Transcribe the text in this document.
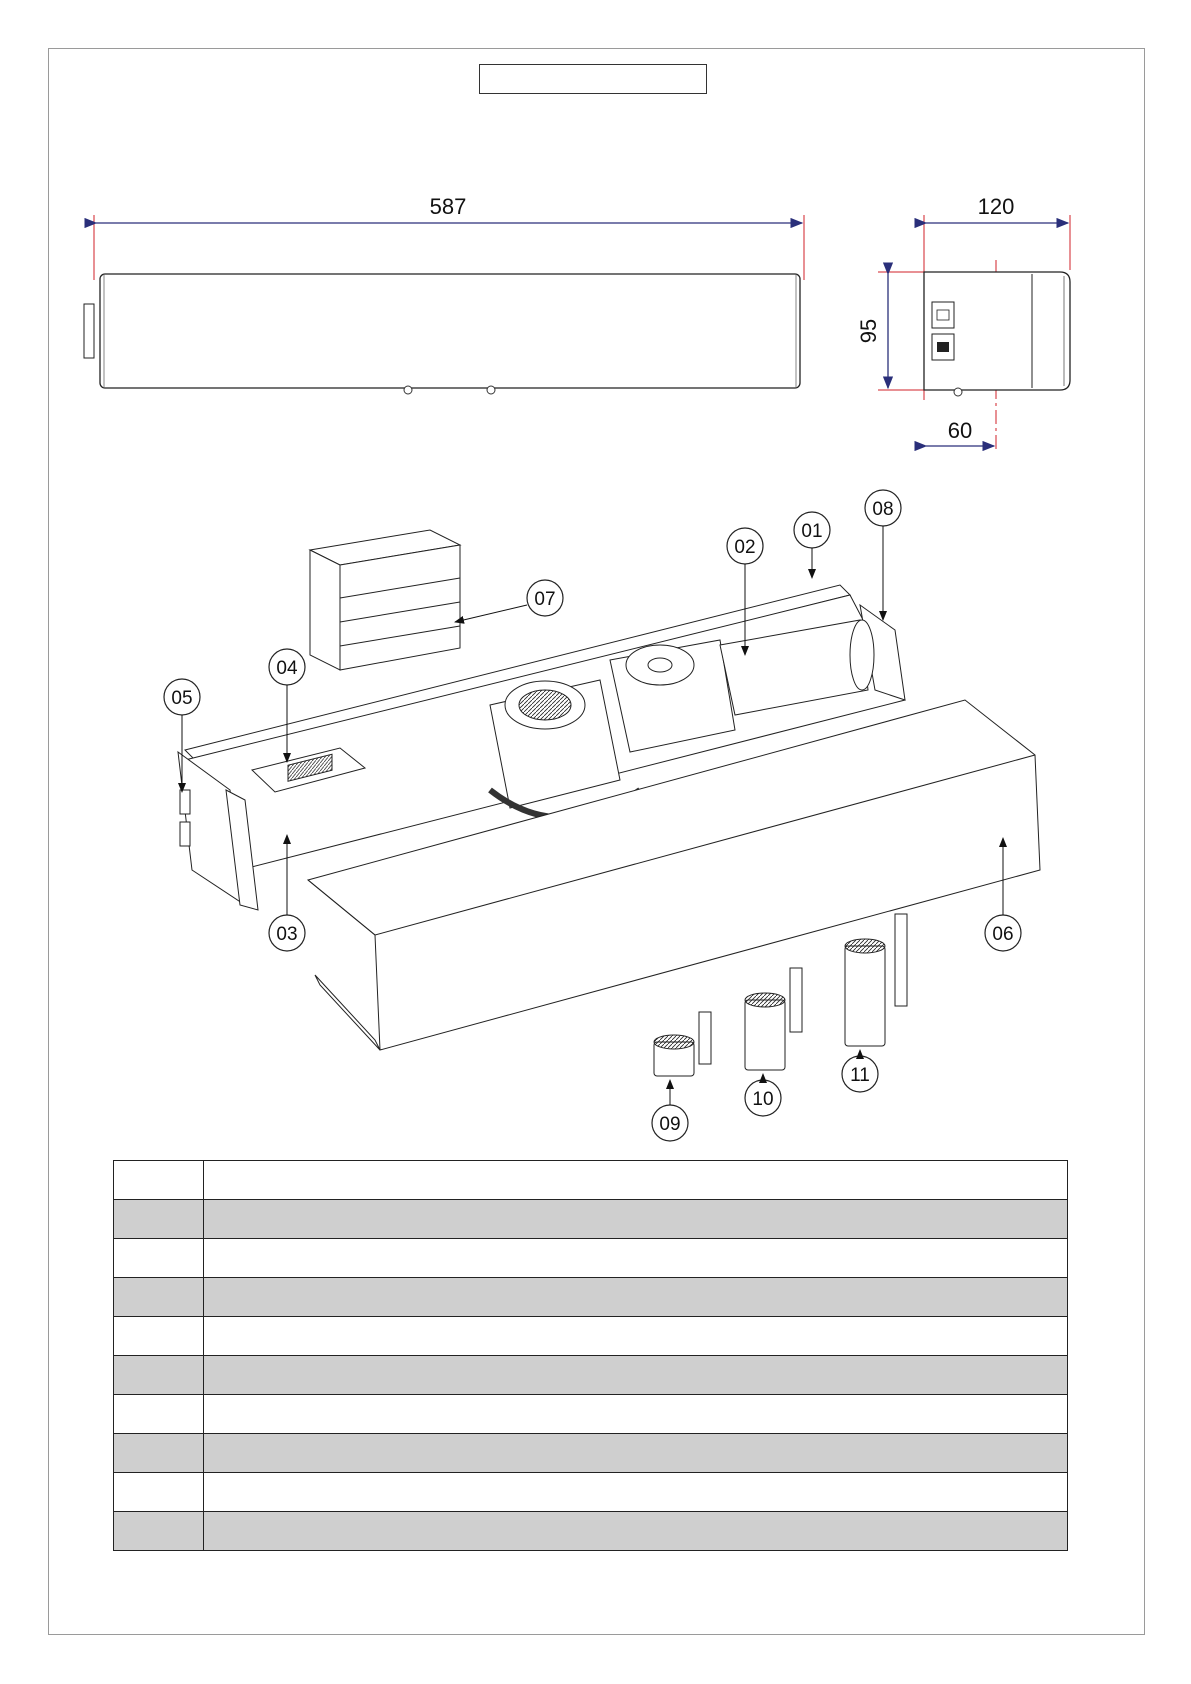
587	120
95
60
01
02
03
04
05
06
07
08
09
10
11
